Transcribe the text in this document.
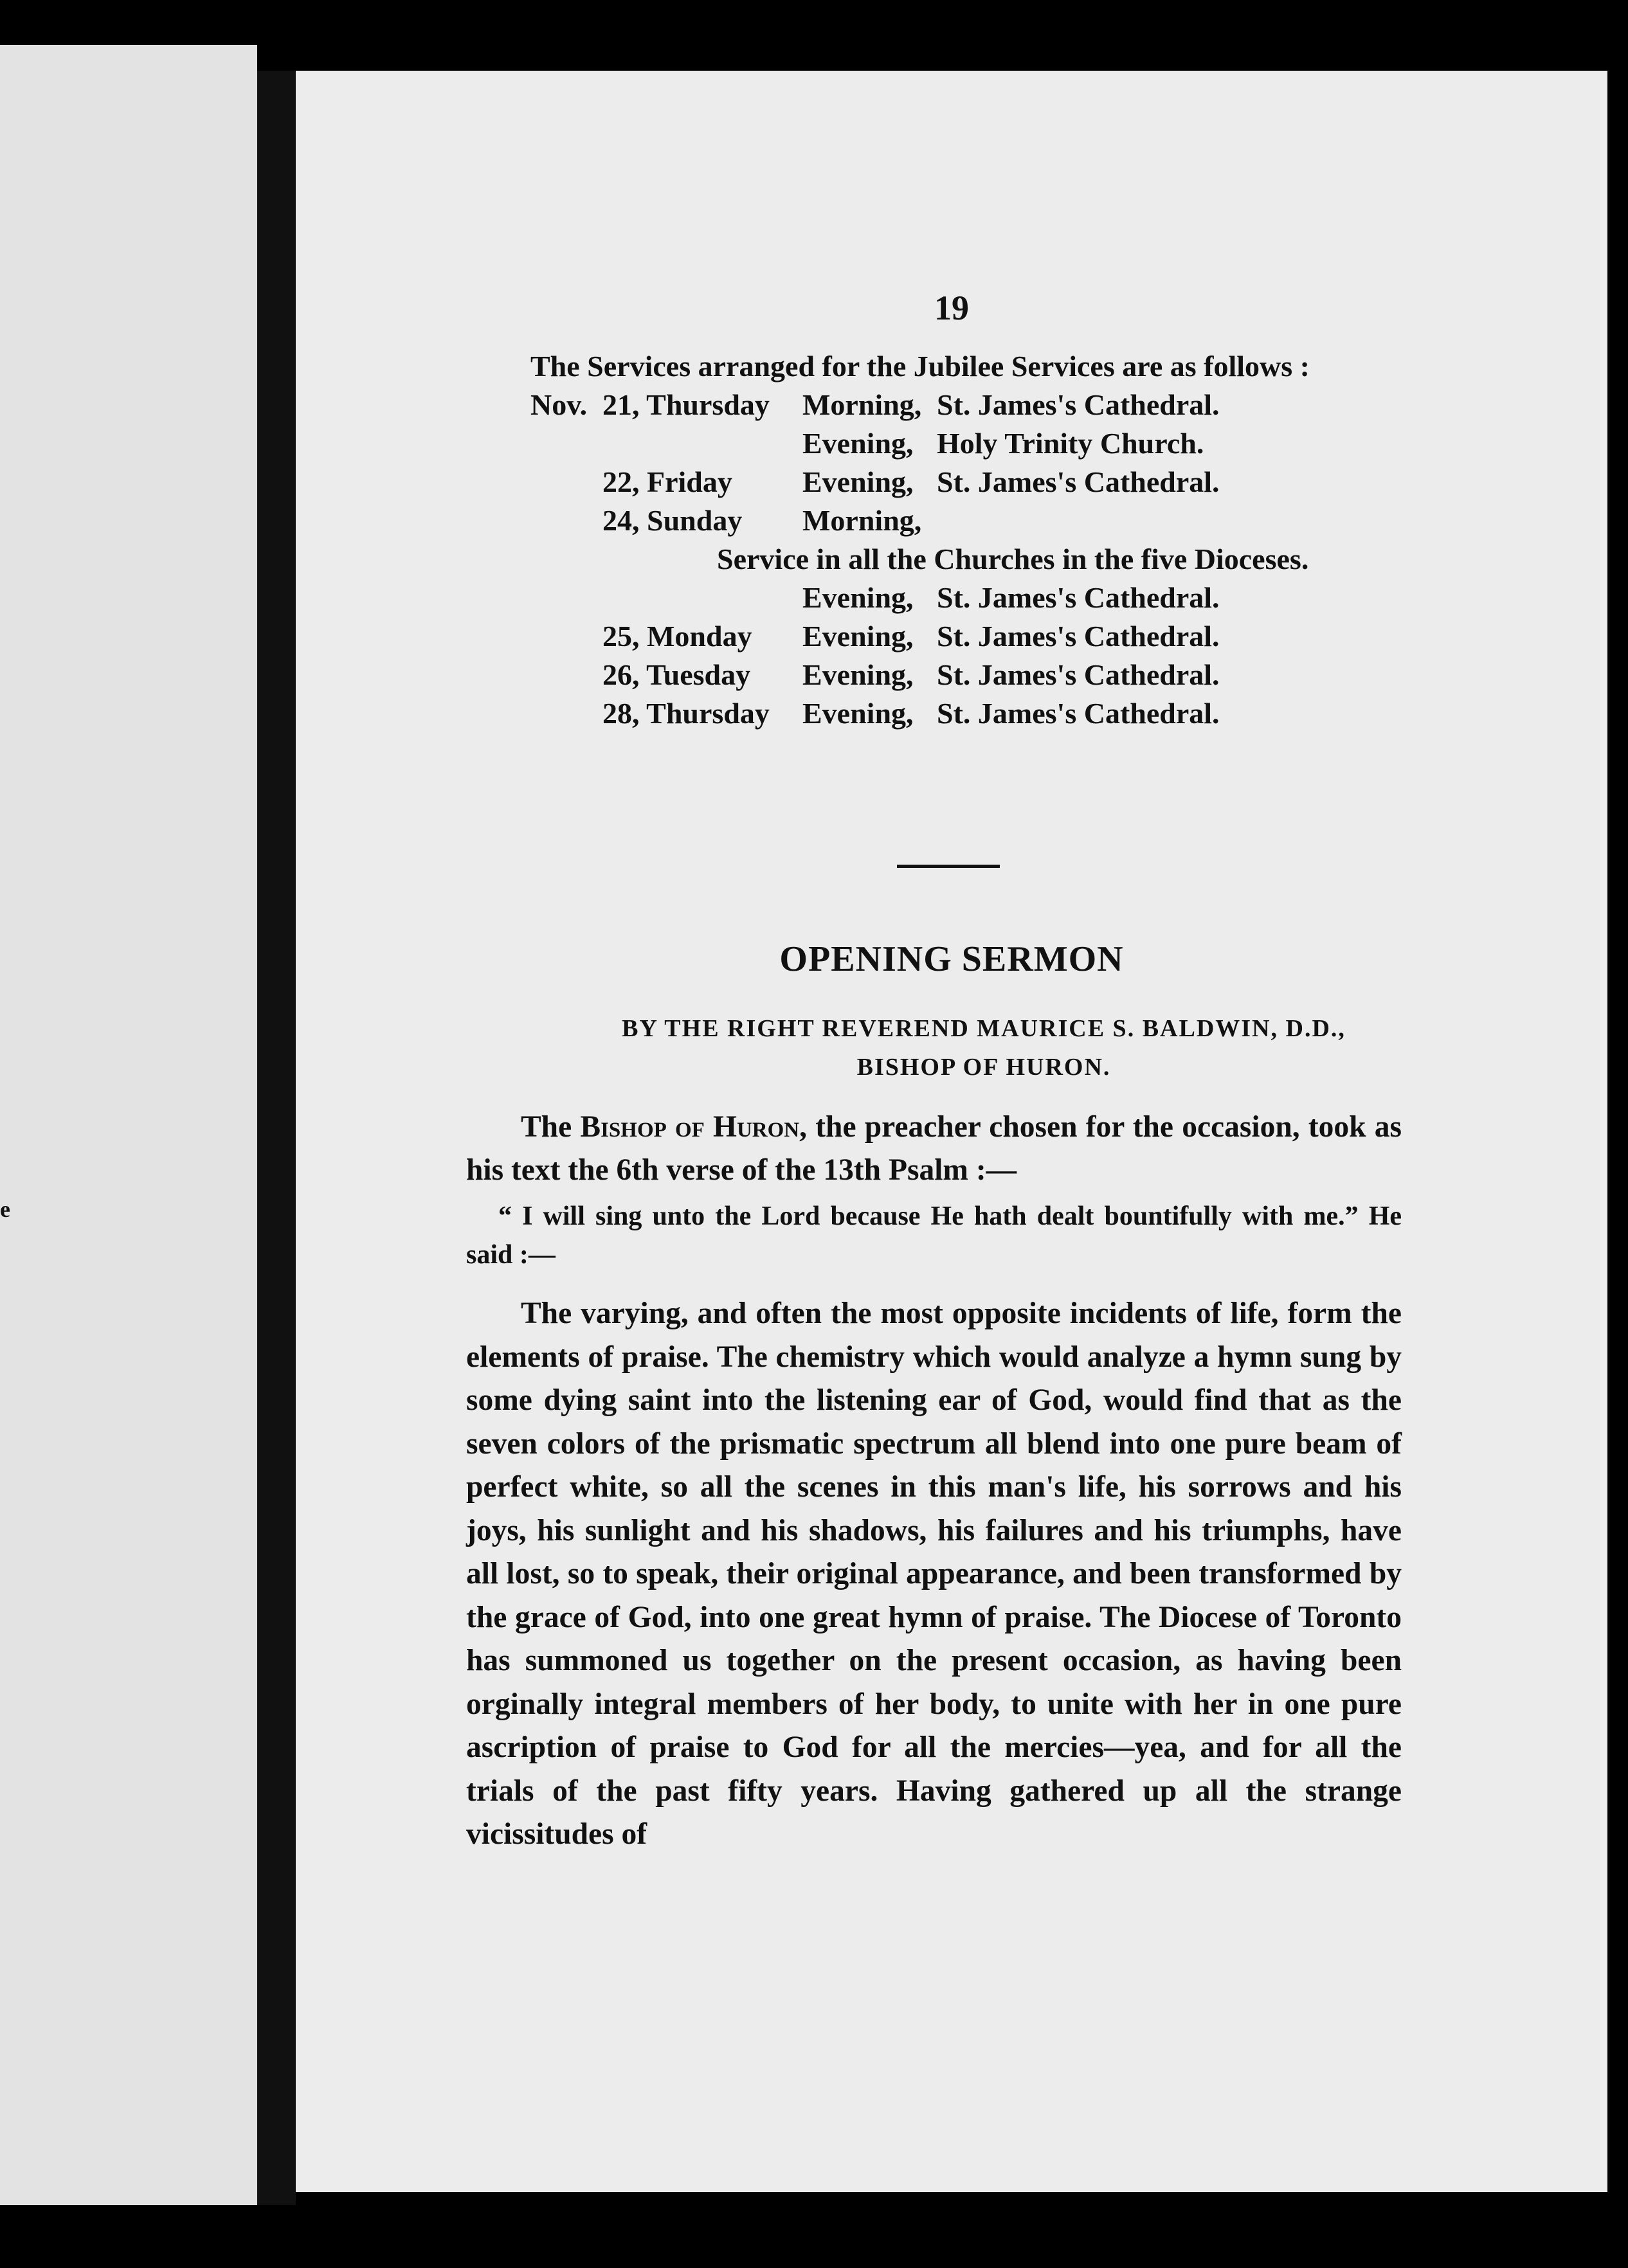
e
19
The Services arranged for the Jubilee Services are as follows :
Nov. 21, Thursday Morning, St. James's Cathedral.
Evening, Holy Trinity Church.
22, Friday Evening, St. James's Cathedral.
24, Sunday Morning,
Service in all the Churches in the five Dioceses.
Evening, St. James's Cathedral.
25, Monday Evening, St. James's Cathedral.
26, Tuesday Evening, St. James's Cathedral.
28, Thursday Evening, St. James's Cathedral.
OPENING SERMON
BY THE RIGHT REVEREND MAURICE S. BALDWIN, D.D.,
BISHOP OF HURON.

The Bishop of Huron, the preacher chosen for the occasion, took as his text the 6th verse of the 13th Psalm :—

“ I will sing unto the Lord because He hath dealt bountifully with me.” He said :—

The varying, and often the most opposite incidents of life, form the elements of praise. The chemistry which would analyze a hymn sung by some dying saint into the listening ear of God, would find that as the seven colors of the prismatic spectrum all blend into one pure beam of perfect white, so all the scenes in this man's life, his sorrows and his joys, his sunlight and his shadows, his failures and his triumphs, have all lost, so to speak, their original appearance, and been transformed by the grace of God, into one great hymn of praise. The Diocese of Toronto has summoned us together on the present occasion, as having been orginally integral members of her body, to unite with her in one pure ascription of praise to God for all the mercies—yea, and for all the trials of the past fifty years. Having gathered up all the strange vicissitudes of
